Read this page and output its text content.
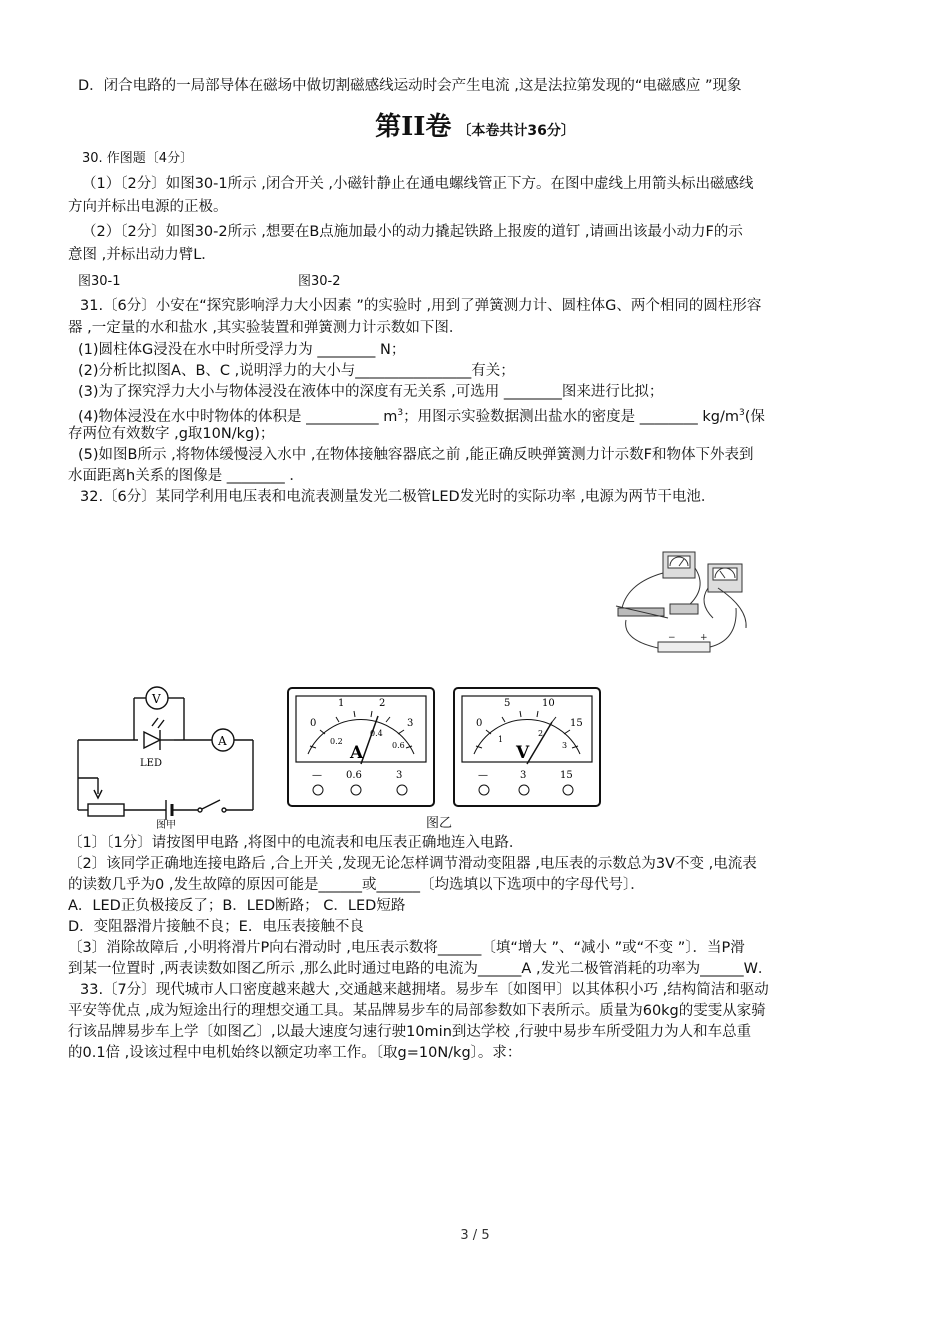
D．闭合电路的一局部导体在磁场中做切割磁感线运动时会产生电流 ,这是法拉第发现的“电磁感应 ”现象
第II卷 〔本卷共计36分〕
30. 作图题〔4分〕
（1）〔2分〕如图30-1所示 ,闭合开关 ,小磁针静止在通电螺线管正下方。在图中虚线上用箭头标出磁感线
方向并标出电源的正极。
（2）〔2分〕如图30-2所示 ,想要在B点施加最小的动力撬起铁路上报废的道钉 ,请画出该最小动力F的示
意图 ,并标出动力臂L．
图30-1	图30-2
31.〔6分〕小安在“探究影响浮力大小因素 ”的实验时 ,用到了弹簧测力计、圆柱体G、两个相同的圆柱形容
器 ,一定量的水和盐水 ,其实验装置和弹簧测力计示数如下图．
(1)圆柱体G浸没在水中时所受浮力为 ________ N；
(2)分析比拟图A、B、C ,说明浮力的大小与________________有关；
(3)为了探究浮力大小与物体浸没在液体中的深度有无关系 ,可选用 ________图来进行比拟；
(4)物体浸没在水中时物体的体积是 __________ $m^3$；用图示实验数据测出盐水的密度是 ________ $kg/m^3$(保
存两位有效数字 ,g取10N/kg)；
(5)如图B所示 ,将物体缓慢浸入水中 ,在物体接触容器底之前 ,能正确反映弹簧测力计示数F和物体下外表到
水面距离h关系的图像是 ________ ．
32.〔6分〕某同学利用电压表和电流表测量发光二极管LED发光时的实际功率 ,电源为两节干电池．
−	+
V
A
LED
图甲
0
1	2
3
0.2
0.4
0.6
A
— 0.6	3
0
5	10
15
1
2
3
V
—	3	15
图乙
〔1〕〔1分〕请按图甲电路 ,将图中的电流表和电压表正确地连入电路．
〔2〕该同学正确地连接电路后 ,合上开关 ,发现无论怎样调节滑动变阻器 ,电压表的示数总为3V不变 ,电流表
的读数几乎为0 ,发生故障的原因可能是______或______〔均选填以下选项中的字母代号〕．
A．LED正负极接反了；B．LED断路； C．LED短路
D．变阻器滑片接触不良；E．电压表接触不良
〔3〕消除故障后 ,小明将滑片P向右滑动时 ,电压表示数将______〔填“增大 ”、“减小 ”或“不变 ”〕．当P滑
到某一位置时 ,两表读数如图乙所示 ,那么此时通过电路的电流为______A ,发光二极管消耗的功率为______W．
33.〔7分〕现代城市人口密度越来越大 ,交通越来越拥堵。易步车〔如图甲〕以其体积小巧 ,结构简洁和驱动
平安等优点 ,成为短途出行的理想交通工具。某品牌易步车的局部参数如下表所示。质量为60kg的雯雯从家骑
行该品牌易步车上学〔如图乙〕,以最大速度匀速行驶10min到达学校 ,行驶中易步车所受阻力为人和车总重
的0.1倍 ,设该过程中电机始终以额定功率工作。〔取g=10N/kg〕。求：
3 / 5
